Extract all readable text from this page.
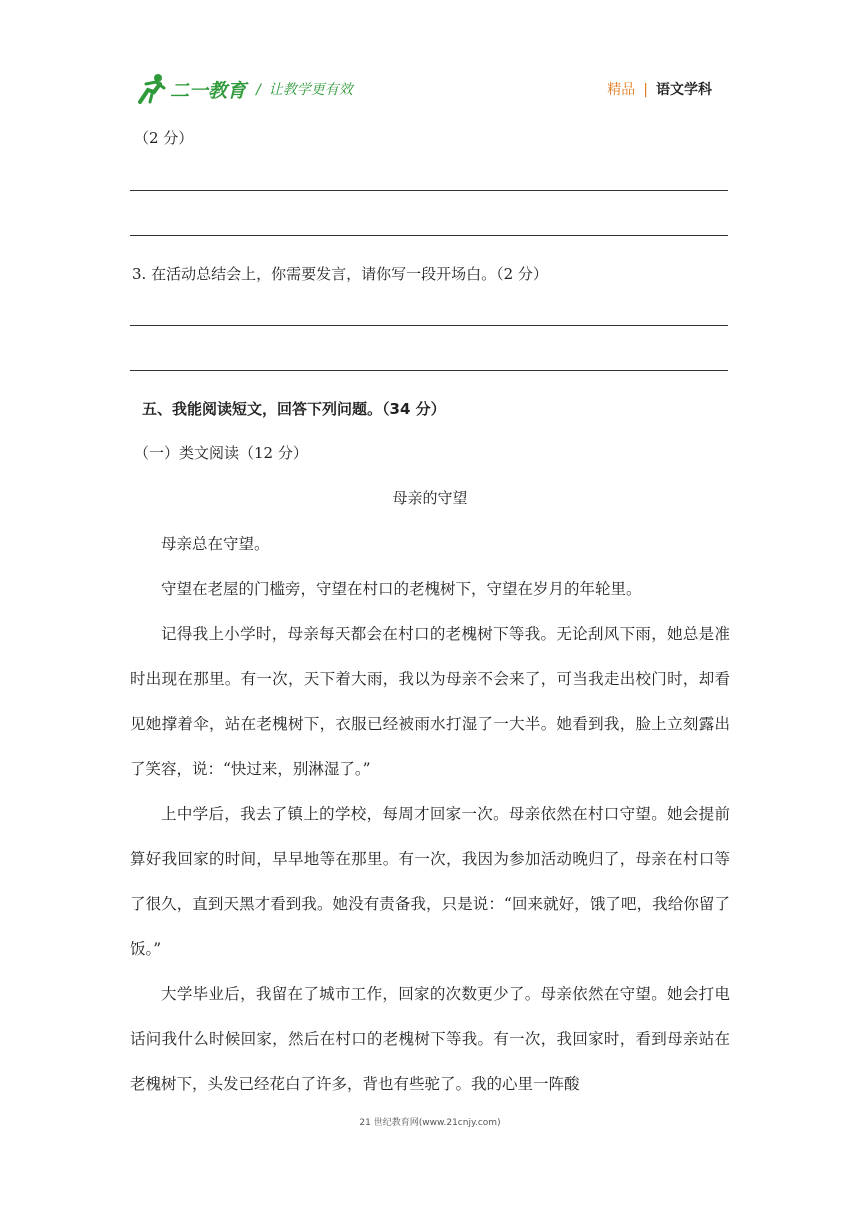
二一教育 / 让教学更有效	精品 | 语文学科
（2 分）
3. 在活动总结会上，你需要发言，请你写一段开场白。（2 分）
五、我能阅读短文，回答下列问题。（34 分）
（一）类文阅读（12 分）
母亲的守望

母亲总在守望。

守望在老屋的门槛旁，守望在村口的老槐树下，守望在岁月的年轮里。

记得我上小学时，母亲每天都会在村口的老槐树下等我。无论刮风下雨，她总是准时出现在那里。有一次，天下着大雨，我以为母亲不会来了，可当我走出校门时，却看见她撑着伞，站在老槐树下，衣服已经被雨水打湿了一大半。她看到我，脸上立刻露出了笑容，说：“快过来，别淋湿了。”

上中学后，我去了镇上的学校，每周才回家一次。母亲依然在村口守望。她会提前算好我回家的时间，早早地等在那里。有一次，我因为参加活动晚归了，母亲在村口等了很久，直到天黑才看到我。她没有责备我，只是说：“回来就好，饿了吧，我给你留了饭。”

大学毕业后，我留在了城市工作，回家的次数更少了。母亲依然在守望。她会打电话问我什么时候回家，然后在村口的老槐树下等我。有一次，我回家时，看到母亲站在老槐树下，头发已经花白了许多，背也有些驼了。我的心里一阵酸

21 世纪教育网(www.21cnjy.com)
